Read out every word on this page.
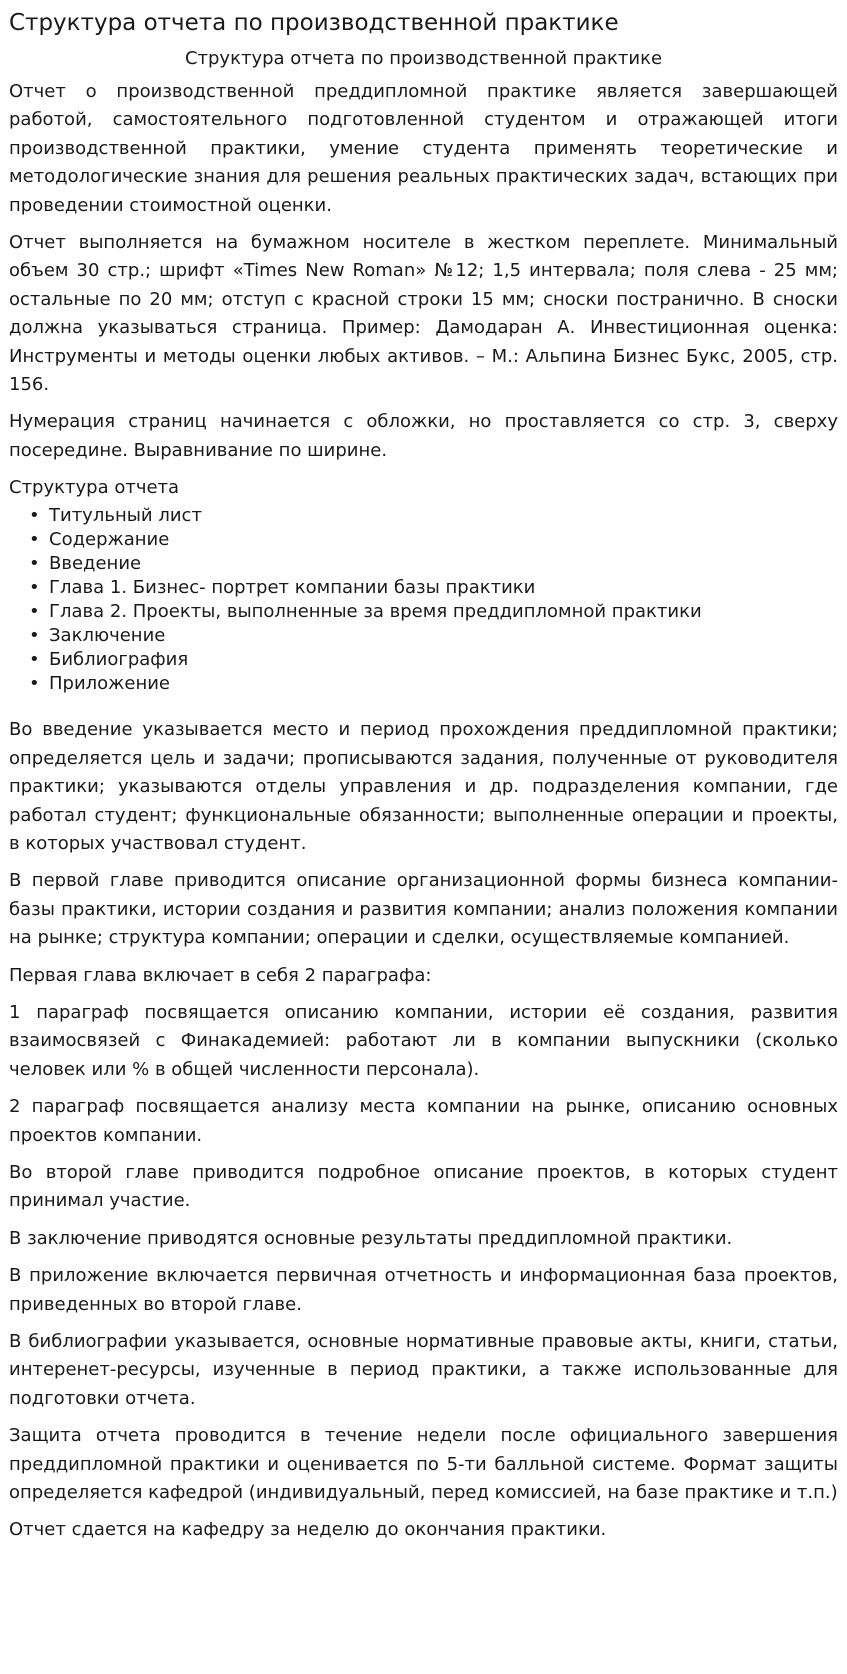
Структура отчета по производственной практике
Структура отчета по производственной практике

Отчет о производственной преддипломной практике является завершающей работой, самостоятельного подготовленной студентом и отражающей итоги производственной практики, умение студента применять теоретические и методологические знания для решения реальных практических задач, встающих при проведении стоимостной оценки.

Отчет выполняется на бумажном носителе в жестком переплете. Минимальный объем 30 стр.; шрифт «Times New Roman» №12; 1,5 интервала; поля слева - 25 мм; остальные по 20 мм; отступ с красной строки 15 мм; сноски постранично. В сноски должна указываться страница. Пример: Дамодаран А. Инвестиционная оценка: Инструменты и методы оценки любых активов. – М.: Альпина Бизнес Букс, 2005, стр. 156.

Нумерация страниц начинается с обложки, но проставляется со стр. 3, сверху посередине. Выравнивание по ширине.

Структура отчета
• Титульный лист
• Содержание
• Введение
• Глава 1. Бизнес- портрет компании базы практики
• Глава 2. Проекты, выполненные за время преддипломной практики
• Заключение
• Библиография
• Приложение

Во введение указывается место и период прохождения преддипломной практики; определяется цель и задачи; прописываются задания, полученные от руководителя практики; указываются отделы управления и др. подразделения компании, где работал студент; функциональные обязанности; выполненные операции и проекты, в которых участвовал студент.

В первой главе приводится описание организационной формы бизнеса компании-базы практики, истории создания и развития компании; анализ положения компании на рынке; структура компании; операции и сделки, осуществляемые компанией.

Первая глава включает в себя 2 параграфа:

1 параграф посвящается описанию компании, истории её создания, развития взаимосвязей с Финакадемией: работают ли в компании выпускники (сколько человек или % в общей численности персонала).

2 параграф посвящается анализу места компании на рынке, описанию основных проектов компании.

Во второй главе приводится подробное описание проектов, в которых студент принимал участие.

В заключение приводятся основные результаты преддипломной практики.

В приложение включается первичная отчетность и информационная база проектов, приведенных во второй главе.

В библиографии указывается, основные нормативные правовые акты, книги, статьи, интеренет-ресурсы, изученные в период практики, а также использованные для подготовки отчета.

Защита отчета проводится в течение недели после официального завершения преддипломной практики и оценивается по 5-ти балльной системе. Формат защиты определяется кафедрой (индивидуальный, перед комиссией, на базе практике и т.п.)

Отчет сдается на кафедру за неделю до окончания практики.
